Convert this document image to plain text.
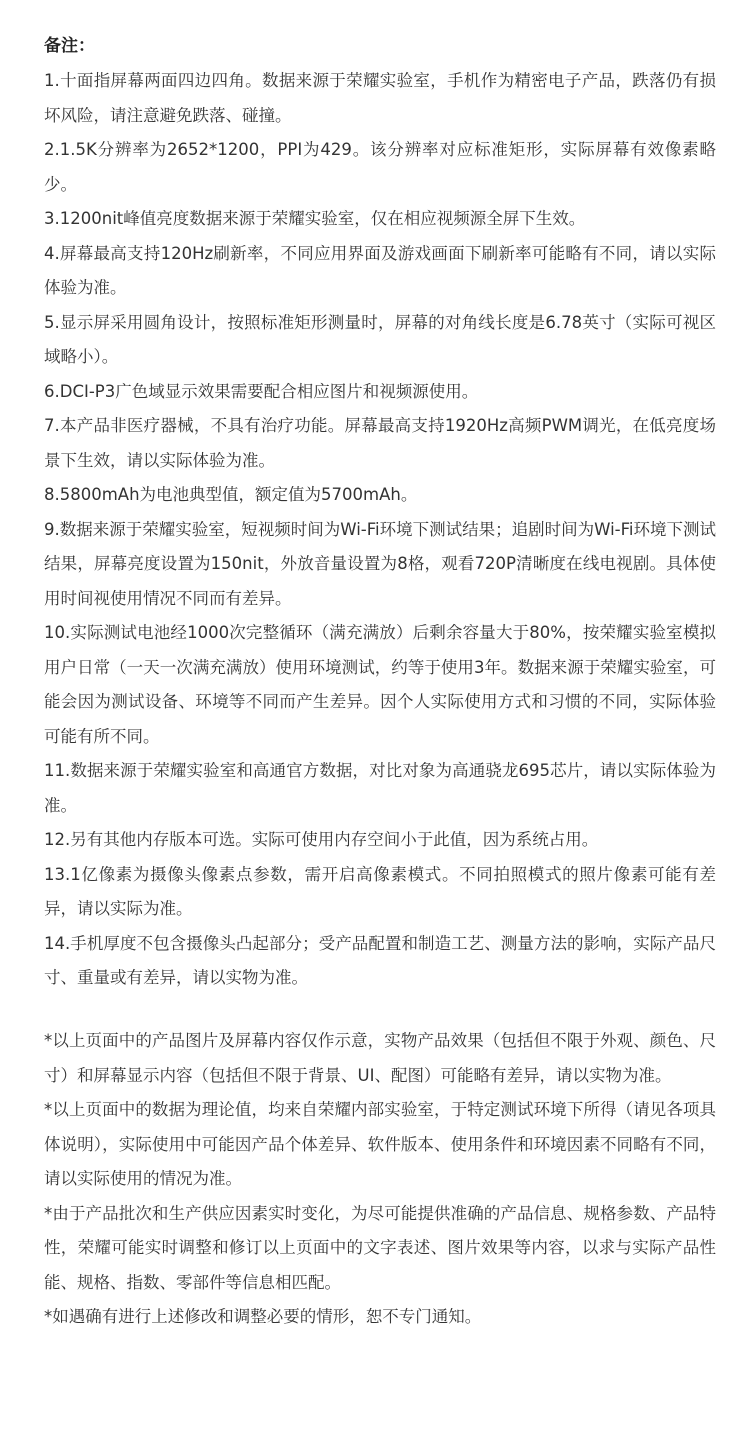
备注：
1.十面指屏幕两面四边四角。数据来源于荣耀实验室，手机作为精密电子产品，跌落仍有损坏风险，请注意避免跌落、碰撞。
2.1.5K分辨率为2652*1200，PPI为429。该分辨率对应标准矩形，实际屏幕有效像素略少。
3.1200nit峰值亮度数据来源于荣耀实验室，仅在相应视频源全屏下生效。
4.屏幕最高支持120Hz刷新率，不同应用界面及游戏画面下刷新率可能略有不同，请以实际体验为准。
5.显示屏采用圆角设计，按照标准矩形测量时，屏幕的对角线长度是6.78英寸（实际可视区域略小）。
6.DCI-P3广色域显示效果需要配合相应图片和视频源使用。
7.本产品非医疗器械，不具有治疗功能。屏幕最高支持1920Hz高频PWM调光，在低亮度场景下生效，请以实际体验为准。
8.5800mAh为电池典型值，额定值为5700mAh。
9.数据来源于荣耀实验室，短视频时间为Wi-Fi环境下测试结果；追剧时间为Wi-Fi环境下测试结果，屏幕亮度设置为150nit，外放音量设置为8格，观看720P清晰度在线电视剧。具体使用时间视使用情况不同而有差异。
10.实际测试电池经1000次完整循环（满充满放）后剩余容量大于80%，按荣耀实验室模拟用户日常（一天一次满充满放）使用环境测试，约等于使用3年。数据来源于荣耀实验室，可能会因为测试设备、环境等不同而产生差异。因个人实际使用方式和习惯的不同，实际体验可能有所不同。
11.数据来源于荣耀实验室和高通官方数据，对比对象为高通骁龙695芯片，请以实际体验为准。
12.另有其他内存版本可选。实际可使用内存空间小于此值，因为系统占用。
13.1亿像素为摄像头像素点参数，需开启高像素模式。不同拍照模式的照片像素可能有差异，请以实际为准。
14.手机厚度不包含摄像头凸起部分；受产品配置和制造工艺、测量方法的影响，实际产品尺寸、重量或有差异，请以实物为准。
*以上页面中的产品图片及屏幕内容仅作示意，实物产品效果（包括但不限于外观、颜色、尺寸）和屏幕显示内容（包括但不限于背景、UI、配图）可能略有差异，请以实物为准。
*以上页面中的数据为理论值，均来自荣耀内部实验室，于特定测试环境下所得（请见各项具体说明），实际使用中可能因产品个体差异、软件版本、使用条件和环境因素不同略有不同，请以实际使用的情况为准。
*由于产品批次和生产供应因素实时变化，为尽可能提供准确的产品信息、规格参数、产品特性，荣耀可能实时调整和修订以上页面中的文字表述、图片效果等内容，以求与实际产品性能、规格、指数、零部件等信息相匹配。
*如遇确有进行上述修改和调整必要的情形，恕不专门通知。
